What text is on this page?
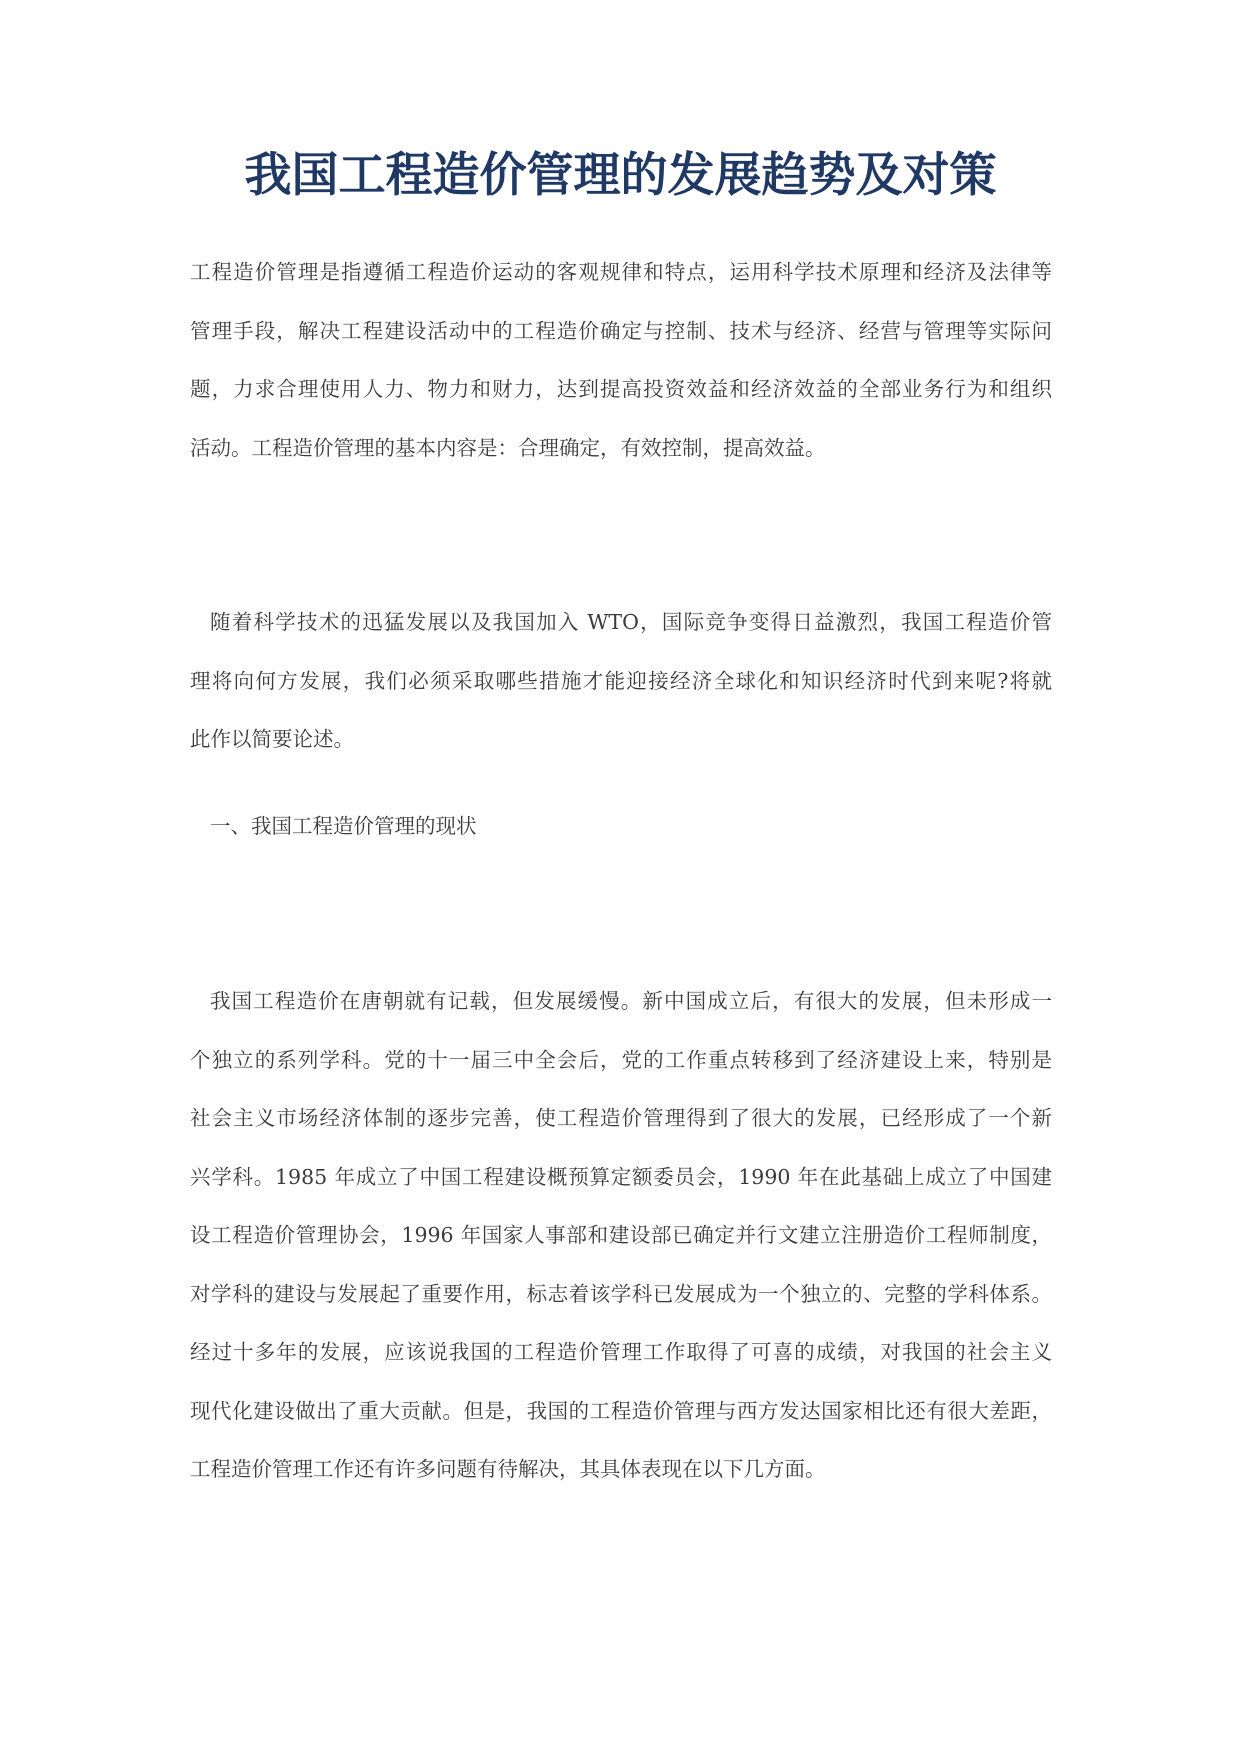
我国工程造价管理的发展趋势及对策
工程造价管理是指遵循工程造价运动的客观规律和特点，运用科学技术原理和经济及法律等
管理手段，解决工程建设活动中的工程造价确定与控制、技术与经济、经营与管理等实际问
题，力求合理使用人力、物力和财力，达到提高投资效益和经济效益的全部业务行为和组织
活动。工程造价管理的基本内容是：合理确定，有效控制，提高效益。
随着科学技术的迅猛发展以及我国加入 WTO，国际竞争变得日益激烈，我国工程造价管
理将向何方发展，我们必须采取哪些措施才能迎接经济全球化和知识经济时代到来呢?将就
此作以简要论述。
一、我国工程造价管理的现状
我国工程造价在唐朝就有记载，但发展缓慢。新中国成立后，有很大的发展，但未形成一
个独立的系列学科。党的十一届三中全会后，党的工作重点转移到了经济建设上来，特别是
社会主义市场经济体制的逐步完善，使工程造价管理得到了很大的发展，已经形成了一个新
兴学科。1985 年成立了中国工程建设概预算定额委员会，1990 年在此基础上成立了中国建
设工程造价管理协会，1996 年国家人事部和建设部已确定并行文建立注册造价工程师制度，
对学科的建设与发展起了重要作用，标志着该学科已发展成为一个独立的、完整的学科体系。
经过十多年的发展，应该说我国的工程造价管理工作取得了可喜的成绩，对我国的社会主义
现代化建设做出了重大贡献。但是，我国的工程造价管理与西方发达国家相比还有很大差距，
工程造价管理工作还有许多问题有待解决，其具体表现在以下几方面。
